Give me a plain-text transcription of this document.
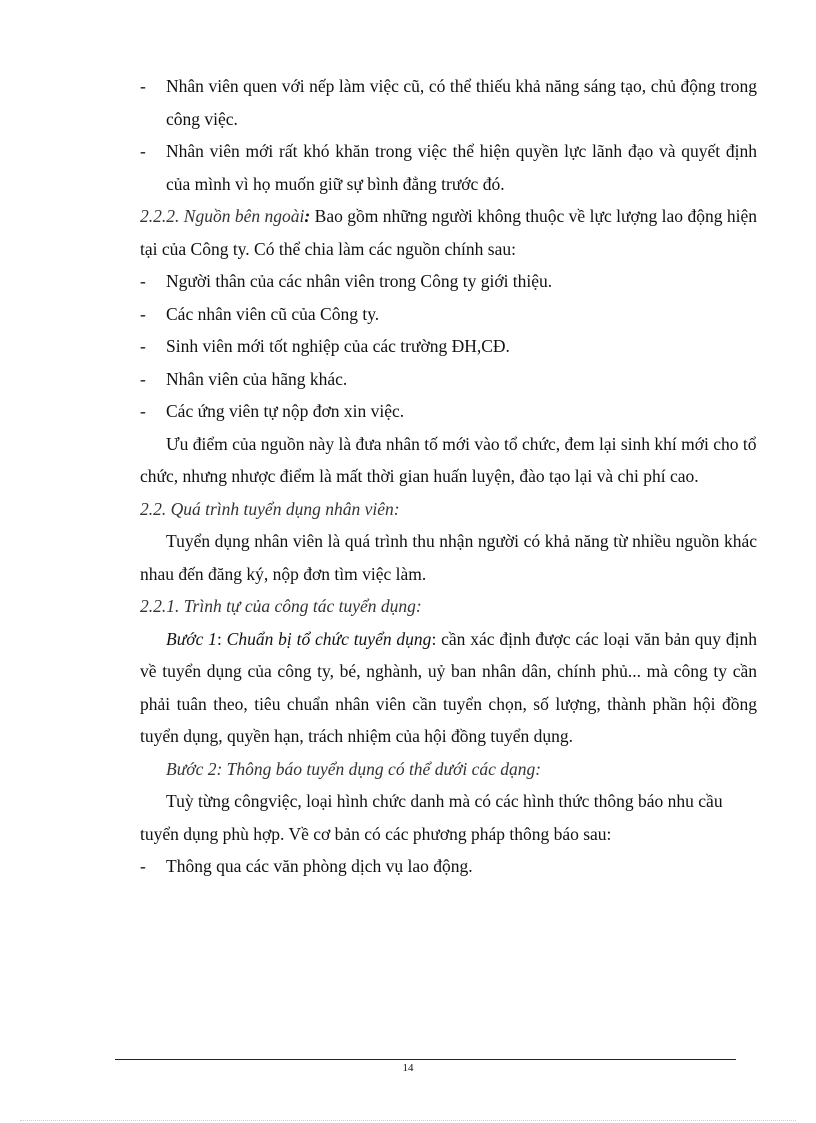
- Nhân viên quen với nếp làm việc cũ, có thể thiếu khả năng sáng tạo, chủ động trong công việc.

- Nhân viên mới rất khó khăn trong việc thể hiện quyền lực lãnh đạo và quyết định của mình vì họ muốn giữ sự bình đẳng trước đó.

2.2.2. Nguồn bên ngoài: Bao gồm những người không thuộc về lực lượng lao động hiện tại của Công ty. Có thể chia làm các nguồn chính sau:

- Người thân của các nhân viên trong Công ty giới thiệu.

- Các nhân viên cũ của Công ty.

- Sinh viên mới tốt nghiệp của các trường ĐH,CĐ.

- Nhân viên của hãng khác.

- Các ứng viên tự nộp đơn xin việc.

Ưu điểm của nguồn này là đưa nhân tố mới vào tổ chức, đem lại sinh khí mới cho tổ chức, nhưng nhược điểm là mất thời gian huấn luyện, đào tạo lại và chi phí cao.

2.2. Quá trình tuyển dụng nhân viên:

Tuyển dụng nhân viên là quá trình thu nhận người có khả năng từ nhiều nguồn khác nhau đến đăng ký, nộp đơn tìm việc làm.

2.2.1. Trình tự của công tác tuyển dụng:

Bước 1: Chuẩn bị tổ chức tuyển dụng: cần xác định được các loại văn bản quy định về tuyển dụng của công ty, bé, nghành, uỷ ban nhân dân, chính phủ... mà công ty cần phải tuân theo, tiêu chuẩn nhân viên cần tuyển chọn, số lượng, thành phần hội đồng tuyển dụng, quyền hạn, trách nhiệm của hội đồng tuyển dụng.

Bước 2: Thông báo tuyển dụng có thể dưới các dạng:

Tuỳ từng côngviệc, loại hình chức danh mà có các hình thức thông báo nhu cầu tuyển dụng phù hợp. Về cơ bản có các phương pháp thông báo sau:

- Thông qua các văn phòng dịch vụ lao động.

14
